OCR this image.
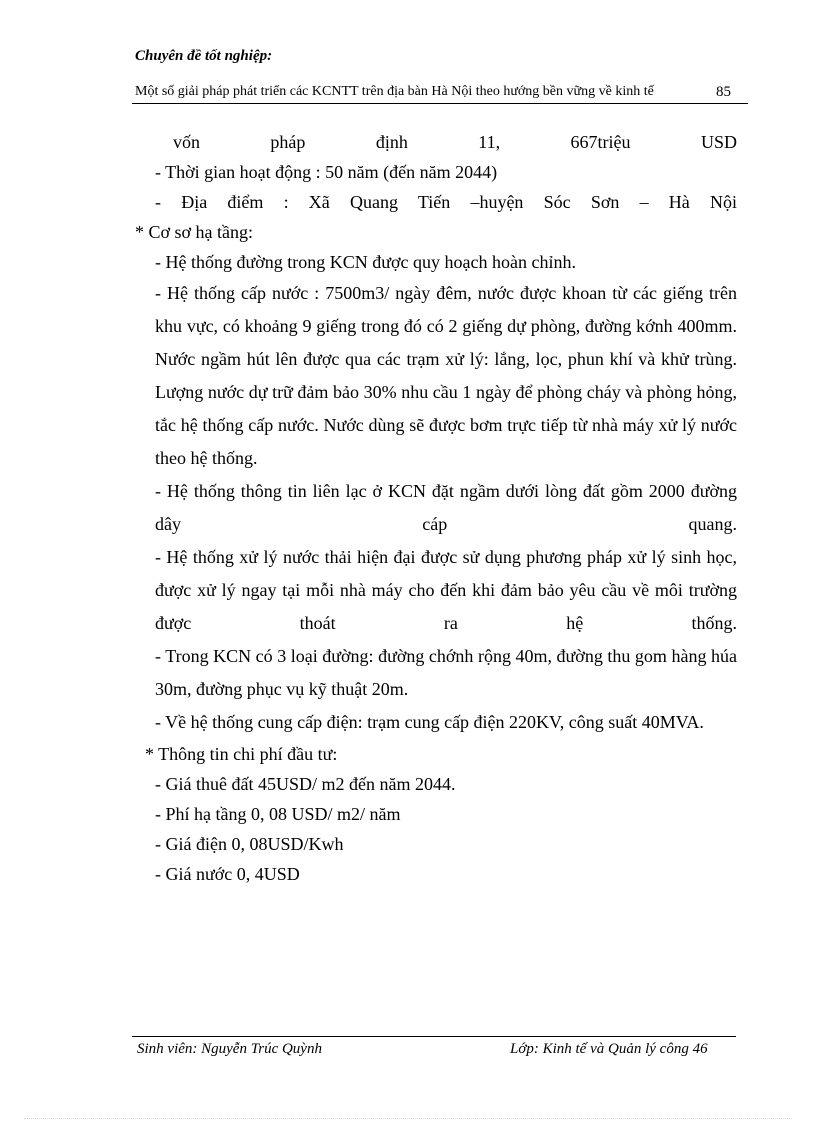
Chuyên đề tốt nghiệp:
Một số giải pháp phát triển các KCNTT trên địa bàn Hà Nội theo hướng bền vững về kinh tế	85

vốn pháp định 11, 667triệu USD

- Thời gian hoạt động : 50 năm (đến năm 2044)

- Địa điểm : Xã Quang Tiến –huyện Sóc Sơn – Hà Nội

* Cơ sơ hạ tầng:

- Hệ thống đường trong KCN được quy hoạch hoàn chỉnh.

- Hệ thống cấp nước : 7500m3/ ngày đêm, nước được khoan từ các giếng trên khu vực, có khoảng 9 giếng trong đó có 2 giếng dự phòng, đường kớnh 400mm. Nước ngầm hút lên được qua các trạm xử lý: lắng, lọc, phun khí và khử trùng. Lượng nước dự trữ đảm bảo 30% nhu cầu 1 ngày để phòng cháy và phòng hỏng, tắc hệ thống cấp nước. Nước dùng sẽ được bơm trực tiếp từ nhà máy xử lý nước theo hệ thống.

- Hệ thống thông tin liên lạc ở KCN đặt ngầm dưới lòng đất gồm 2000 đường dây cáp quang.

- Hệ thống xử lý nước thải hiện đại được sử dụng phương pháp xử lý sinh học, được xử lý ngay tại mỗi nhà máy cho đến khi đảm bảo yêu cầu về môi trường được thoát ra hệ thống.

- Trong KCN có 3 loại đường: đường chớnh rộng 40m, đường thu gom hàng húa 30m, đường phục vụ kỹ thuật 20m.

- Về hệ thống cung cấp điện: trạm cung cấp điện 220KV, công suất 40MVA.

* Thông tin chi phí đầu tư:

- Giá thuê đất 45USD/ m2 đến năm 2044.

- Phí hạ tầng 0, 08 USD/ m2/ năm

- Giá điện 0, 08USD/Kwh

- Giá nước 0, 4USD

Sinh viên: Nguyễn Trúc Quỳnh	Lớp: Kinh tế và Quản lý công 46
